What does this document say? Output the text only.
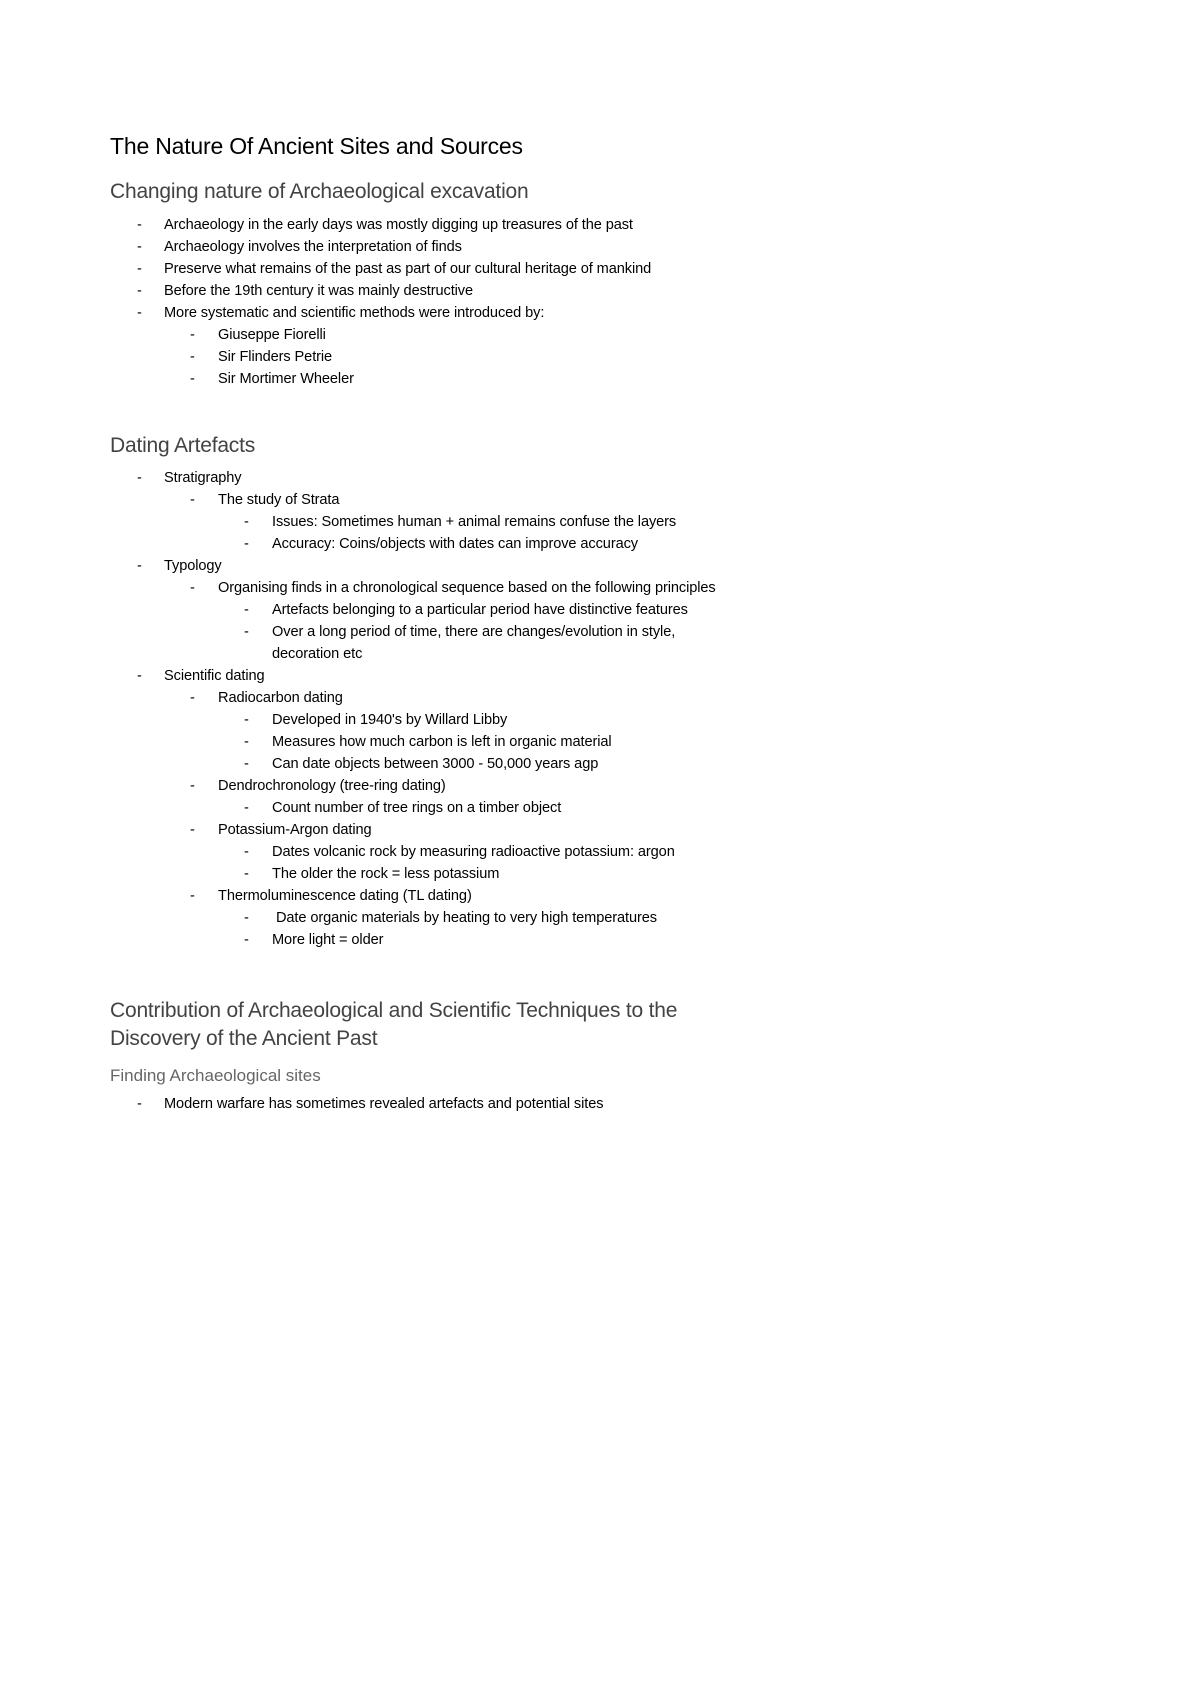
The Nature Of Ancient Sites and Sources
Changing nature of Archaeological excavation
- Archaeology in the early days was mostly digging up treasures of the past
- Archaeology involves the interpretation of finds
- Preserve what remains of the past as part of our cultural heritage of mankind
- Before the 19th century it was mainly destructive
- More systematic and scientific methods were introduced by:
- Giuseppe Fiorelli
- Sir Flinders Petrie
- Sir Mortimer Wheeler
Dating Artefacts
- Stratigraphy
- The study of Strata
- Issues: Sometimes human + animal remains confuse the layers
- Accuracy: Coins/objects with dates can improve accuracy
- Typology
- Organising finds in a chronological sequence based on the following principles
- Artefacts belonging to a particular period have distinctive features
- Over a long period of time, there are changes/evolution in style, decoration etc
- Scientific dating
- Radiocarbon dating
- Developed in 1940's by Willard Libby
- Measures how much carbon is left in organic material
- Can date objects between 3000 - 50,000 years agp
- Dendrochronology (tree-ring dating)
- Count number of tree rings on a timber object
- Potassium-Argon dating
- Dates volcanic rock by measuring radioactive potassium: argon
- The older the rock = less potassium
- Thermoluminescence dating (TL dating)
- Date organic materials by heating to very high temperatures
- More light = older
Contribution of Archaeological and Scientific Techniques to the Discovery of the Ancient Past
Finding Archaeological sites
- Modern warfare has sometimes revealed artefacts and potential sites
